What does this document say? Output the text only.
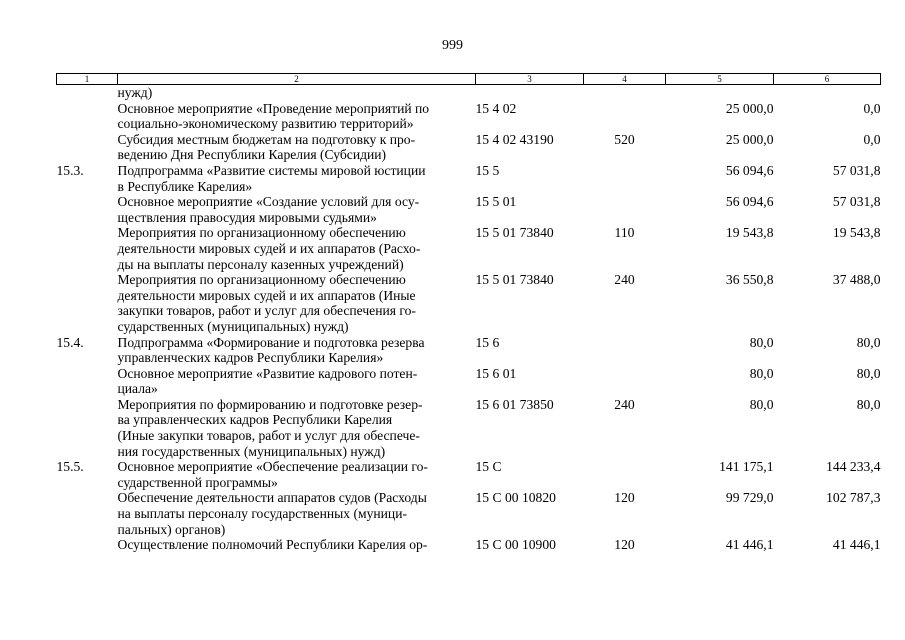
999
1	2	3	4	5	6

	нужд)				

	Основное мероприятие «Проведение мероприятий по
социально-экономическому развитию территорий»	15 4 02		25 000,0	0,0

	Субсидия местным бюджетам на подготовку к про-
ведению Дня Республики Карелия (Субсидии)	15 4 02 43190	520	25 000,0	0,0
15.3.	Подпрограмма «Развитие системы мировой юстиции
в Республике Карелия»	15 5		56 094,6	57 031,8

	Основное мероприятие «Создание условий для осу-
ществления правосудия мировыми судьями»	15 5 01		56 094,6	57 031,8

	Мероприятия по организационному обеспечению
деятельности мировых судей и их аппаратов (Расхо-
ды на выплаты персоналу казенных учреждений)	15 5 01 73840	110	19 543,8	19 543,8

	Мероприятия по организационному обеспечению
деятельности мировых судей и их аппаратов (Иные
закупки товаров, работ и услуг для обеспечения го-
сударственных (муниципальных) нужд)	15 5 01 73840	240	36 550,8	37 488,0
15.4.	Подпрограмма «Формирование и подготовка резерва
управленческих кадров Республики Карелия»	15 6		80,0	80,0

	Основное мероприятие «Развитие кадрового потен-
циала»	15 6 01		80,0	80,0

	Мероприятия по формированию и подготовке резер-
ва управленческих кадров Республики Карелия
(Иные закупки товаров, работ и услуг для обеспече-
ния государственных (муниципальных) нужд)	15 6 01 73850	240	80,0	80,0
15.5.	Основное мероприятие «Обеспечение реализации го-
сударственной программы»	15 С		141 175,1	144 233,4

	Обеспечение деятельности аппаратов судов (Расходы
на выплаты персоналу государственных (муници-
пальных) органов)	15 С 00 10820	120	99 729,0	102 787,3

	Осуществление полномочий Республики Карелия ор-	15 С 00 10900	120	41 446,1	41 446,1
